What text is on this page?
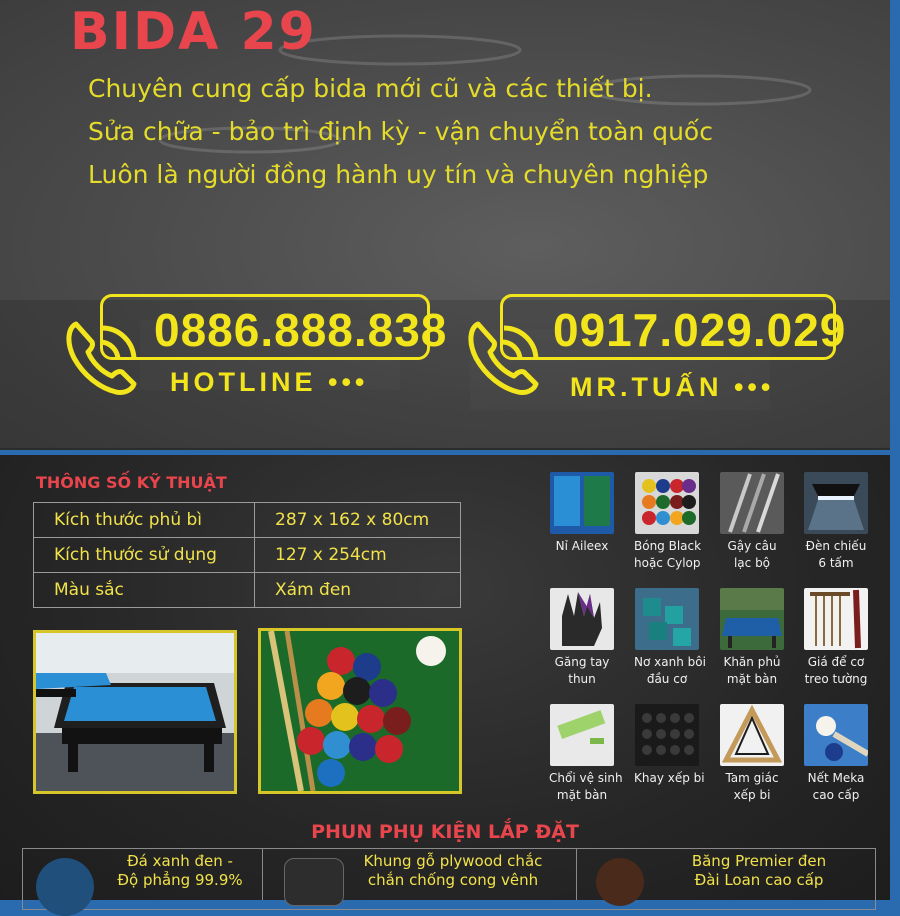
BIDA 29
Chuyên cung cấp bida mới cũ và các thiết bị.
Sửa chữa - bảo trì định kỳ - vận chuyển toàn quốc
Luôn là người đồng hành uy tín và chuyên nghiệp
0886.888.838
HOTLINE •••
0917.029.029
MR.TUẤN •••
THÔNG SỐ KỸ THUẬT
Kích thước phủ bì	287 x 162 x 80cm
Kích thước sử dụng	127 x 254cm
Màu sắc	Xám đen
Nỉ Aileex	Bóng Black
hoặc Cylop
Gậy câu
lạc bộ
Đèn chiếu
6 tấm
Găng tay
thun
Nơ xanh bôi
đầu cơ
Khăn phủ
mặt bàn
Giá để cơ
treo tường
Chổi vệ sinh
mặt bàn
Khay xếp bi	Tam giác
xếp bi
Nết Meka
cao cấp
PHUN PHỤ KIỆN LẮP ĐẶT
Đá xanh đen -
Độ phẳng 99.9%
Khung gỗ plywood chắc
chắn chống cong vênh
Băng Premier đen
Đài Loan cao cấp
